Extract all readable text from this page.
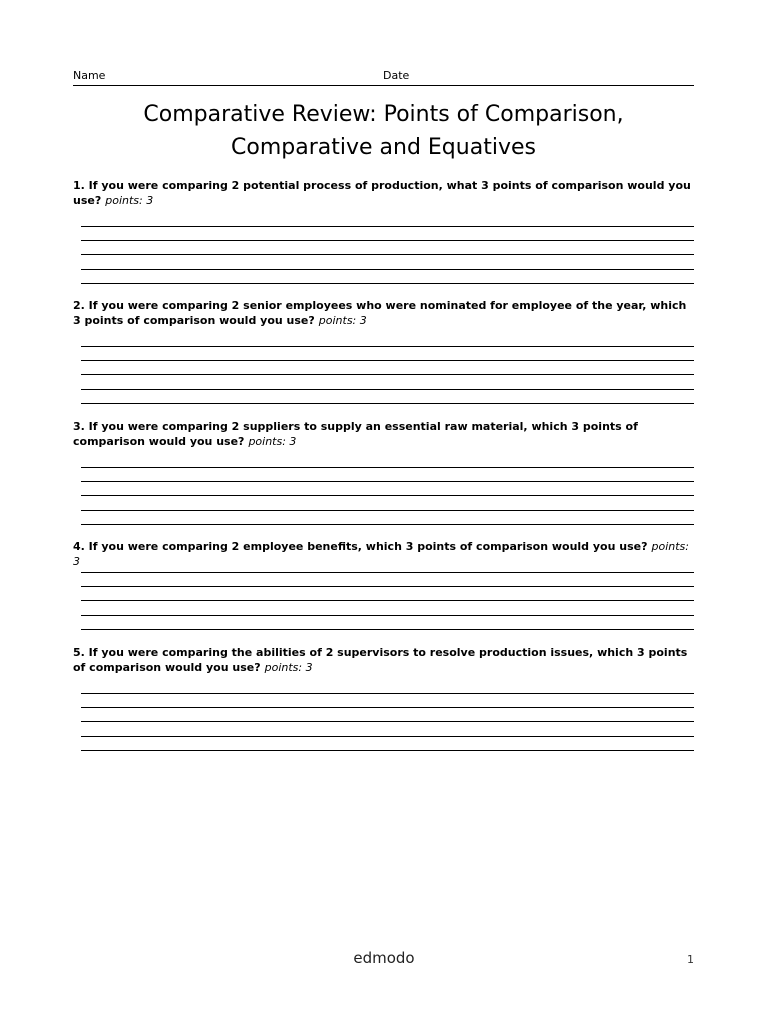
Name	Date
Comparative Review: Points of Comparison,
Comparative and Equatives

1. If you were comparing 2 potential process of production, what 3 points of comparison would you use? points: 3

2. If you were comparing 2 senior employees who were nominated for employee of the year, which 3 points of comparison would you use? points: 3

3. If you were comparing 2 suppliers to supply an essential raw material, which 3 points of comparison would you use? points: 3

4. If you were comparing 2 employee benefits, which 3 points of comparison would you use? points: 3

5. If you were comparing the abilities of 2 supervisors to resolve production issues, which 3 points of comparison would you use? points: 3

edmodo	1
